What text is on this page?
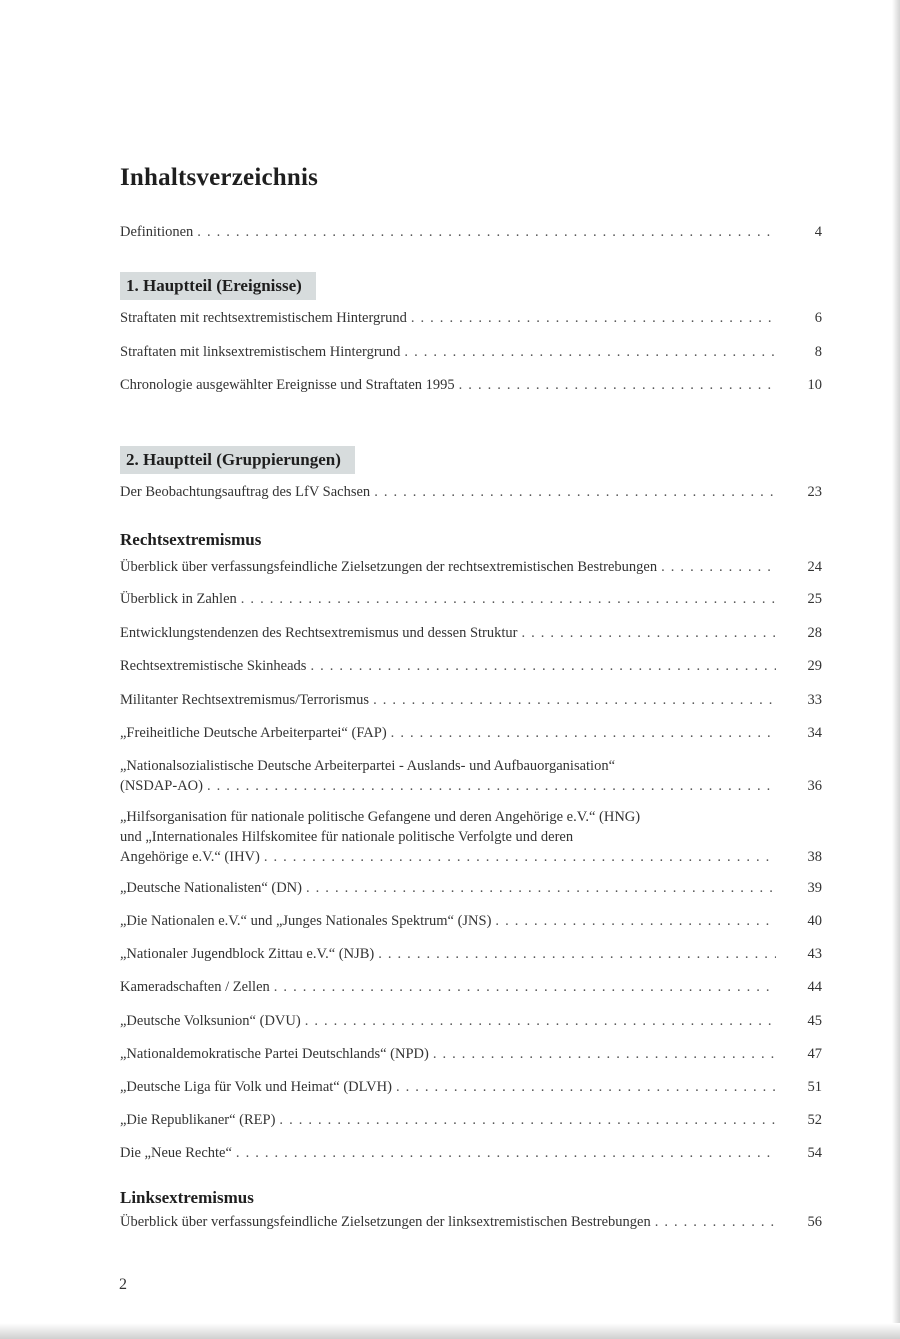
Inhaltsverzeichnis
Definitionen . . .	4
1. Hauptteil (Ereignisse)
Straftaten mit rechtsextremistischem Hintergrund . . .	6
Straftaten mit linksextremistischem Hintergrund . . .	8
Chronologie ausgewählter Ereignisse und Straftaten 1995 . . .	10
2. Hauptteil (Gruppierungen)
Der Beobachtungsauftrag des LfV Sachsen . . .	23
Rechtsextremismus
Überblick über verfassungsfeindliche Zielsetzungen der rechtsextremistischen Bestrebungen . . .	24
Überblick in Zahlen . . .	25
Entwicklungstendenzen des Rechtsextremismus und dessen Struktur . . .	28
Rechtsextremistische Skinheads . . .	29
Militanter Rechtsextremismus/Terrorismus . . .	33
„Freiheitliche Deutsche Arbeiterpartei“ (FAP) . . .	34
„Nationalsozialistische Deutsche Arbeiterpartei - Auslands- und Aufbauorganisation“
(NSDAP-AO) . . .	36
„Hilfsorganisation für nationale politische Gefangene und deren Angehörige e.V.“ (HNG)
und „Internationales Hilfskomitee für nationale politische Verfolgte und deren
Angehörige e.V.“ (IHV) . . .	38
„Deutsche Nationalisten“ (DN) . . .	39
„Die Nationalen e.V.“ und „Junges Nationales Spektrum“ (JNS) . . .	40
„Nationaler Jugendblock Zittau e.V.“ (NJB) . . .	43
Kameradschaften / Zellen . . .	44
„Deutsche Volksunion“ (DVU) . . .	45
„Nationaldemokratische Partei Deutschlands“ (NPD) . . .	47
„Deutsche Liga für Volk und Heimat“ (DLVH) . . .	51
„Die Republikaner“ (REP) . . .	52
Die „Neue Rechte“ . . .	54
Linksextremismus
Überblick über verfassungsfeindliche Zielsetzungen der linksextremistischen Bestrebungen . . .	56
2
